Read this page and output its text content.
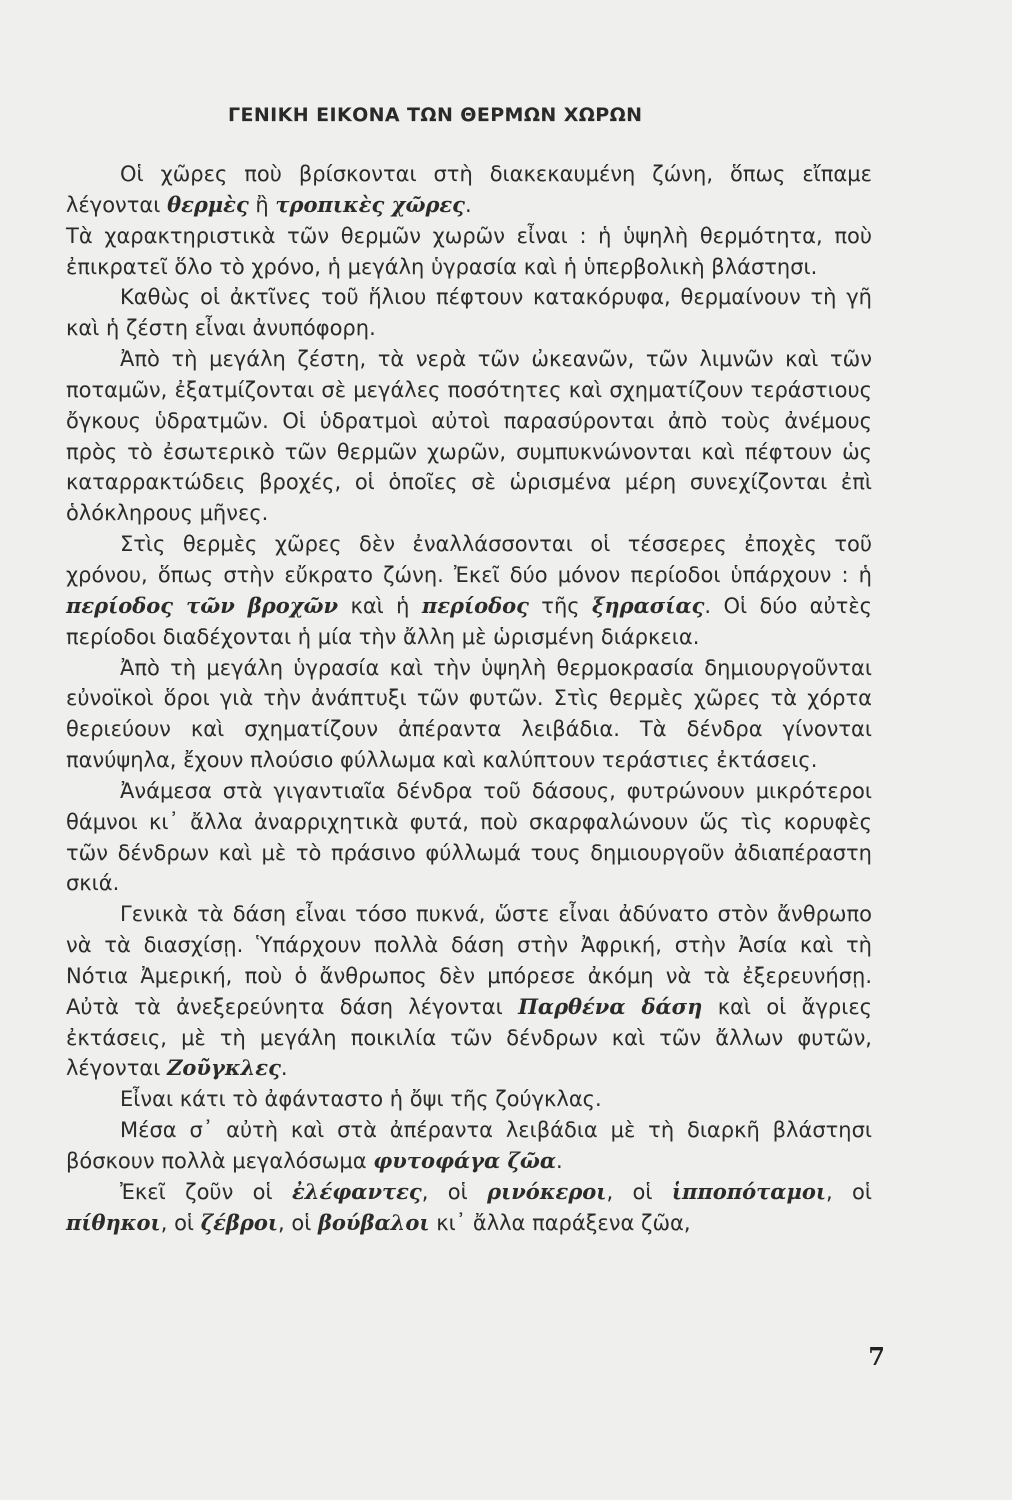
ΓΕΝΙΚΗ ΕΙΚΟΝΑ ΤΩΝ ΘΕΡΜΩΝ ΧΩΡΩΝ

Οἱ χῶρες ποὺ βρίσκονται στὴ διακεκαυμένη ζώνη, ὅπως εἴπαμε λέγονται θερμὲς ἢ τροπικὲς χῶρες.

Τὰ χαρακτηριστικὰ τῶν θερμῶν χωρῶν εἶναι : ἡ ὑψηλὴ θερμότητα, ποὺ ἐπικρατεῖ ὅλο τὸ χρόνο, ἡ μεγάλη ὑγρασία καὶ ἡ ὑπερβολικὴ βλάστησι.

Καθὼς οἱ ἀκτῖνες τοῦ ἥλιου πέφτουν κατακόρυφα, θερμαίνουν τὴ γῆ καὶ ἡ ζέστη εἶναι ἀνυπόφορη.

Ἀπὸ τὴ μεγάλη ζέστη, τὰ νερὰ τῶν ὠκεανῶν, τῶν λιμνῶν καὶ τῶν ποταμῶν, ἐξατμίζονται σὲ μεγάλες ποσότητες καὶ σχηματίζουν τεράστιους ὄγκους ὑδρατμῶν. Οἱ ὑδρατμοὶ αὐτοὶ παρασύρονται ἀπὸ τοὺς ἀνέμους πρὸς τὸ ἐσωτερικὸ τῶν θερμῶν χωρῶν, συμπυκνώνονται καὶ πέφτουν ὡς καταρρακτώδεις βροχές, οἱ ὁποῖες σὲ ὡρισμένα μέρη συνεχίζονται ἐπὶ ὁλόκληρους μῆνες.

Στὶς θερμὲς χῶρες δὲν ἐναλλάσσονται οἱ τέσσερες ἐποχὲς τοῦ χρόνου, ὅπως στὴν εὔκρατο ζώνη. Ἐκεῖ δύο μόνον περίοδοι ὑπάρχουν : ἡ περίοδος τῶν βροχῶν καὶ ἡ περίοδος τῆς ξηρασίας. Οἱ δύο αὐτὲς περίοδοι διαδέχονται ἡ μία τὴν ἄλλη μὲ ὡρισμένη διάρκεια.

Ἀπὸ τὴ μεγάλη ὑγρασία καὶ τὴν ὑψηλὴ θερμοκρασία δημιουργοῦνται εὐνοϊκοὶ ὅροι γιὰ τὴν ἀνάπτυξι τῶν φυτῶν. Στὶς θερμὲς χῶρες τὰ χόρτα θεριεύουν καὶ σχηματίζουν ἀπέραντα λειβάδια. Τὰ δένδρα γίνονται πανύψηλα, ἔχουν πλούσιο φύλλωμα καὶ καλύπτουν τεράστιες ἐκτάσεις.

Ἀνάμεσα στὰ γιγαντιαῖα δένδρα τοῦ δάσους, φυτρώνουν μικρότεροι θάμνοι κι᾿ ἄλλα ἀναρριχητικὰ φυτά, ποὺ σκαρφαλώνουν ὥς τὶς κορυφὲς τῶν δένδρων καὶ μὲ τὸ πράσινο φύλλωμά τους δημιουργοῦν ἀδιαπέραστη σκιά.

Γενικὰ τὰ δάση εἶναι τόσο πυκνά, ὥστε εἶναι ἀδύνατο στὸν ἄνθρωπο νὰ τὰ διασχίσῃ. Ὑπάρχουν πολλὰ δάση στὴν Ἀφρική, στὴν Ἀσία καὶ τὴ Νότια Ἀμερική, ποὺ ὁ ἄνθρωπος δὲν μπόρεσε ἀκόμη νὰ τὰ ἐξερευνήσῃ. Αὐτὰ τὰ ἀνεξερεύνητα δάση λέγονται Παρθένα δάση καὶ οἱ ἄγριες ἐκτάσεις, μὲ τὴ μεγάλη ποικιλία τῶν δένδρων καὶ τῶν ἄλλων φυτῶν, λέγονται Ζοῦγκλες.

Εἶναι κάτι τὸ ἀφάνταστο ἡ ὄψι τῆς ζούγκλας.

Μέσα σ᾿ αὐτὴ καὶ στὰ ἀπέραντα λειβάδια μὲ τὴ διαρκῆ βλάστησι βόσκουν πολλὰ μεγαλόσωμα φυτοφάγα ζῶα.

Ἐκεῖ ζοῦν οἱ ἐλέφαντες, οἱ ρινόκεροι, οἱ ἱπποπόταμοι, οἱ πίθηκοι, οἱ ζέβροι, οἱ βούβαλοι κι᾿ ἄλλα παράξενα ζῶα,

7
